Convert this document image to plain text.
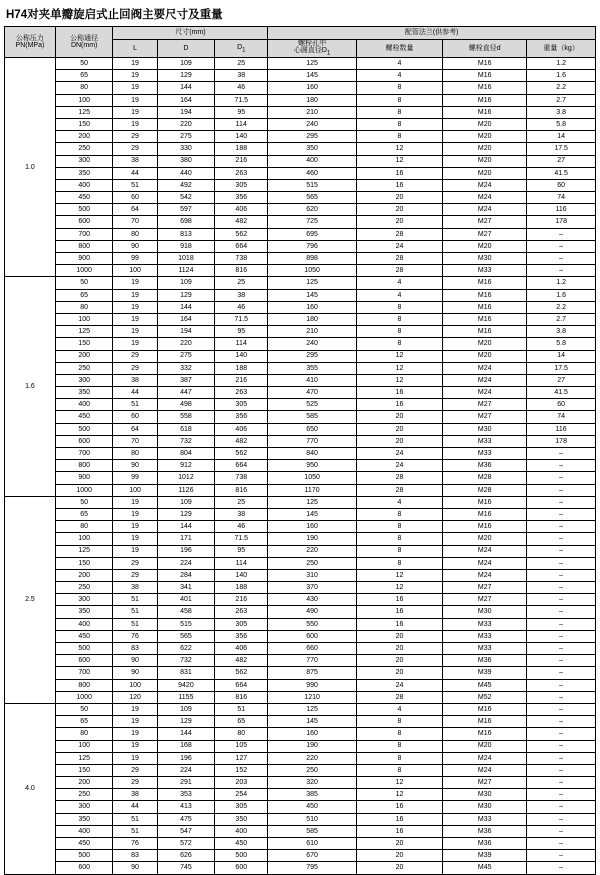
H74对夹单瓣旋启式止回阀主要尺寸及重量
公称压力
PN(MPa)

公称通径
DN(mm)
	尺寸(mm)	配管法兰(供参考)
		L	D	D1	螺栓孔中
心圆直径D1	螺栓数量	螺栓直径d	重量（kg）
1.0	50	19	109	25	125	4	M16	1.2
	65	19	129	38	145	4	M16	1.6
	80	19	144	46	160	8	M16	2.2
	100	19	164	71.5	180	8	M16	2.7
	125	19	194	95	210	8	M16	3.8
	150	19	220	114	240	8	M20	5.8
	200	29	275	140	295	8	M20	14
	250	29	330	188	350	12	M20	17.5
	300	38	380	216	400	12	M20	27
	350	44	440	263	460	16	M20	41.5
	400	51	492	305	515	16	M24	60
	450	60	542	356	565	20	M24	74
	500	64	597	406	620	20	M24	116
	600	70	698	482	725	20	M27	178
	700	80	813	562	695	28	M27	–
	800	90	918	664	796	24	M20	–
	900	99	1018	738	898	28	M30	–
	1000	100	1124	816	1050	28	M33	–
1.6	50	19	109	25	125	4	M16	1.2
	65	19	129	38	145	4	M16	1.6
	80	19	144	46	160	8	M16	2.2
	100	19	164	71.5	180	8	M16	2.7
	125	19	194	95	210	8	M16	3.8
	150	19	220	114	240	8	M20	5.8
	200	29	275	140	295	12	M20	14
	250	29	332	188	355	12	M24	17.5
	300	38	387	216	410	12	M24	27
	350	44	447	263	470	16	M24	41.5
	400	51	498	305	525	16	M27	60
	450	60	558	356	585	20	M27	74
	500	64	618	406	650	20	M30	116
	600	70	732	482	770	20	M33	178
	700	80	804	562	840	24	M33	–
	800	90	912	664	950	24	M36	–
	900	99	1012	738	1050	28	M28	–
	1000	100	1126	816	1170	28	M28	–
2.5	50	19	109	25	125	4	M16	–
	65	19	129	38	145	8	M16	–
	80	19	144	46	160	8	M16	–
	100	19	171	71.5	190	8	M20	–
	125	19	196	95	220	8	M24	–
	150	29	224	114	250	8	M24	–
	200	29	284	140	310	12	M24	–
	250	38	341	188	370	12	M27	–
	300	51	401	216	430	16	M27	–
	350	51	458	263	490	16	M30	–
	400	51	515	305	550	16	M33	–
	450	76	565	356	600	20	M33	–
	500	83	622	406	660	20	M33	–
	600	90	732	482	770	20	M36	–
	700	90	831	562	875	20	M39	–
	800	100	9420	664	990	24	M45	–
	1000	120	1155	816	1210	28	M52	–
4.0	50	19	109	51	125	4	M16	–
	65	19	129	65	145	8	M16	–
	80	19	144	80	160	8	M16	–
	100	19	168	105	190	8	M20	–
	125	19	196	127	220	8	M24	–
	150	29	224	152	250	8	M24	–
	200	29	291	203	320	12	M27	–
	250	38	353	254	385	12	M30	–
	300	44	413	305	450	16	M30	–
	350	51	475	350	510	16	M33	–
	400	51	547	400	585	16	M36	–
	450	76	572	450	610	20	M36	–
	500	83	626	500	670	20	M39	–
	600	90	745	600	795	20	M45	–
